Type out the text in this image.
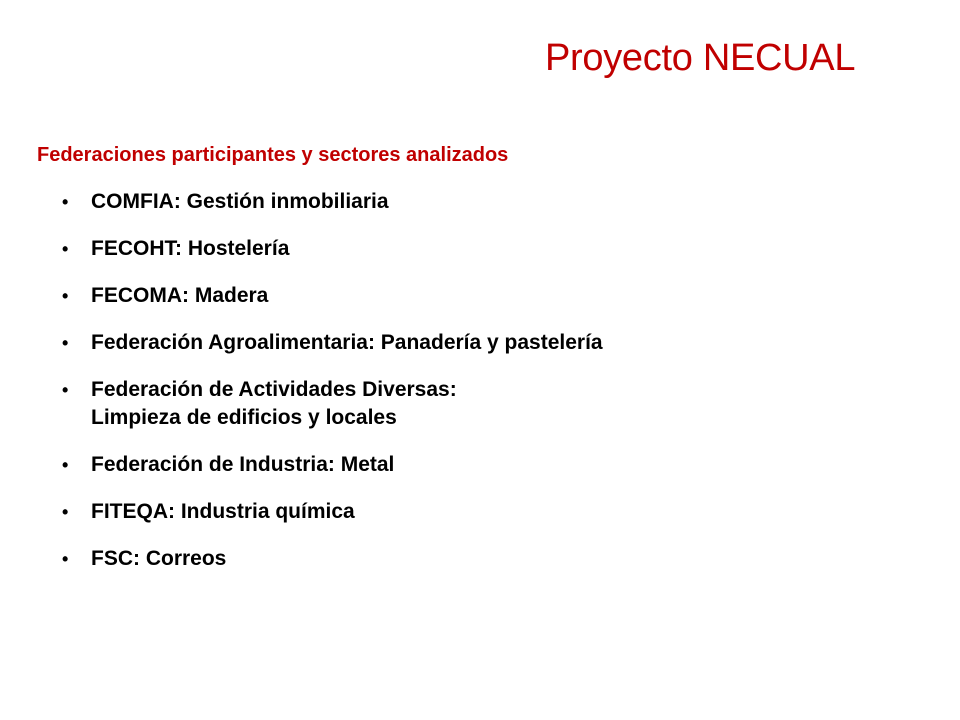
Proyecto NECUAL
Federaciones participantes y sectores analizados
•	COMFIA: Gestión inmobiliaria
•	FECOHT: Hostelería
•	FECOMA: Madera
•	Federación Agroalimentaria: Panadería y pastelería
•	Federación de Actividades Diversas:
Limpieza de edificios y locales
•	Federación de Industria: Metal
•	FITEQA: Industria química
•	FSC: Correos
